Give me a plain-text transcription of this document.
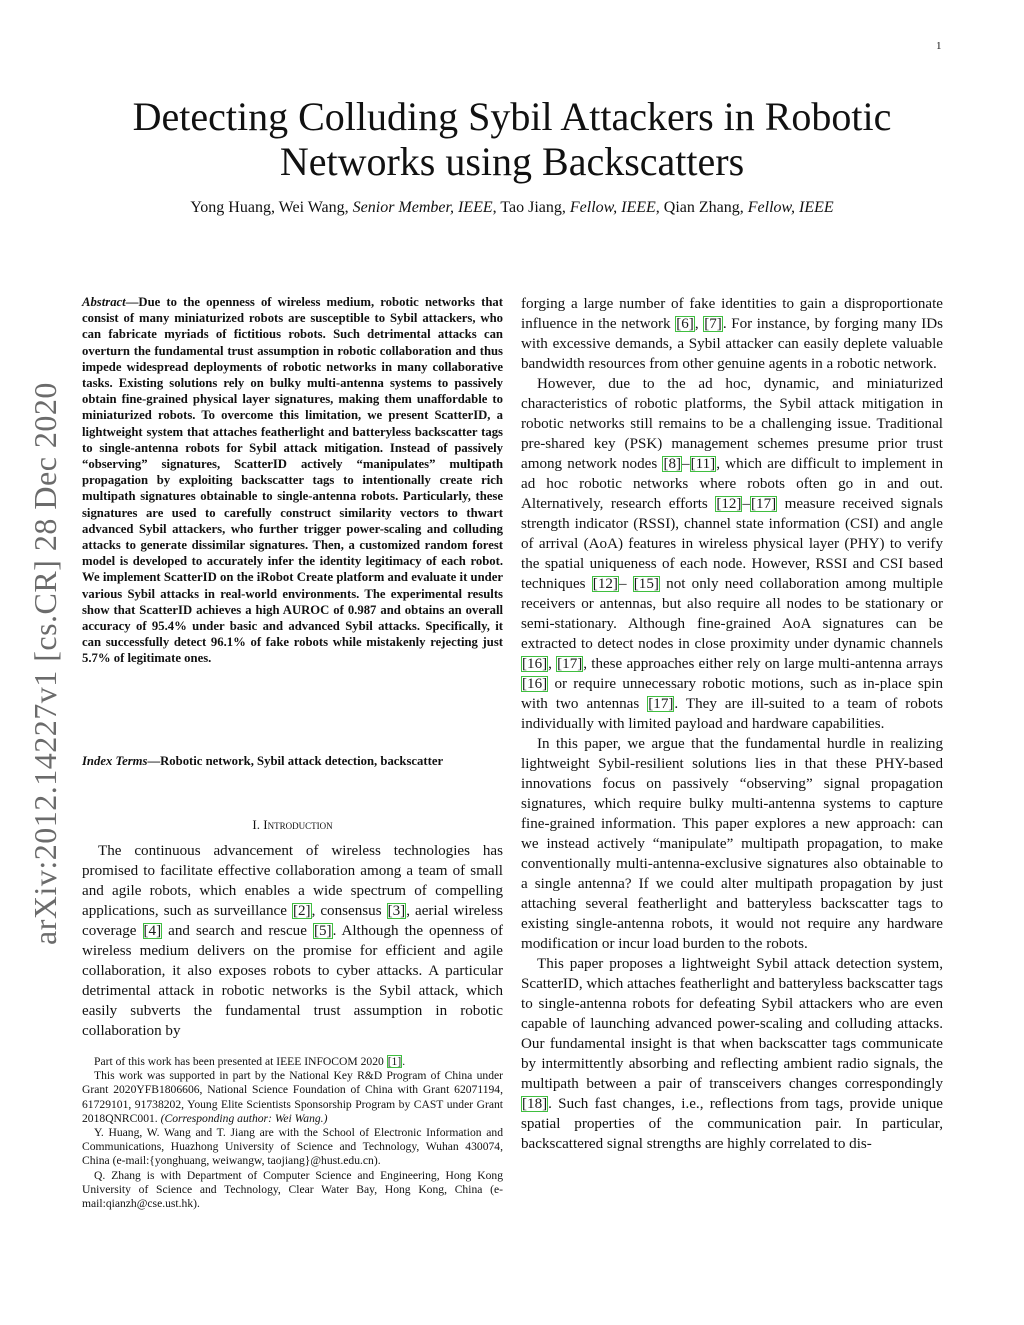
1
arXiv:2012.14227v1 [cs.CR] 28 Dec 2020
Detecting Colluding Sybil Attackers in Robotic
Networks using Backscatters
Yong Huang, Wei Wang, Senior Member, IEEE, Tao Jiang, Fellow, IEEE, Qian Zhang, Fellow, IEEE
Abstract—Due to the openness of wireless medium, robotic networks that consist of many miniaturized robots are susceptible to Sybil attackers, who can fabricate myriads of fictitious robots. Such detrimental attacks can overturn the fundamental trust assumption in robotic collaboration and thus impede widespread deployments of robotic networks in many collaborative tasks. Existing solutions rely on bulky multi-antenna systems to passively obtain fine-grained physical layer signatures, making them unaffordable to miniaturized robots. To overcome this limitation, we present ScatterID, a lightweight system that attaches featherlight and batteryless backscatter tags to single-antenna robots for Sybil attack mitigation. Instead of passively “observing” signatures, ScatterID actively “manipulates” multipath propagation by exploiting backscatter tags to intentionally create rich multipath signatures obtainable to single-antenna robots. Particularly, these signatures are used to carefully construct similarity vectors to thwart advanced Sybil attackers, who further trigger power-scaling and colluding attacks to generate dissimilar signatures. Then, a customized random forest model is developed to accurately infer the identity legitimacy of each robot. We implement ScatterID on the iRobot Create platform and evaluate it under various Sybil attacks in real-world environments. The experimental results show that ScatterID achieves a high AUROC of 0.987 and obtains an overall accuracy of 95.4% under basic and advanced Sybil attacks. Specifically, it can successfully detect 96.1% of fake robots while mistakenly rejecting just 5.7% of legitimate ones.
Index Terms—Robotic network, Sybil attack detection, backscatter
I. Introduction

The continuous advancement of wireless technologies has promised to facilitate effective collaboration among a team of small and agile robots, which enables a wide spectrum of compelling applications, such as surveillance [2], consensus [3], aerial wireless coverage [4] and search and rescue [5]. Although the openness of wireless medium delivers on the promise for efficient and agile collaboration, it also exposes robots to cyber attacks. A particular detrimental attack in robotic networks is the Sybil attack, which easily subverts the fundamental trust assumption in robotic collaboration by

Part of this work has been presented at IEEE INFOCOM 2020 [1].

This work was supported in part by the National Key R&D Program of China under Grant 2020YFB1806606, National Science Foundation of China with Grant 62071194, 61729101, 91738202, Young Elite Scientists Sponsorship Program by CAST under Grant 2018QNRC001. (Corresponding author: Wei Wang.)

Y. Huang, W. Wang and T. Jiang are with the School of Electronic Information and Communications, Huazhong University of Science and Technology, Wuhan 430074, China (e-mail:{yonghuang, weiwangw, taojiang}@hust.edu.cn).

Q. Zhang is with Department of Computer Science and Engineering, Hong Kong University of Science and Technology, Clear Water Bay, Hong Kong, China (e-mail:qianzh@cse.ust.hk).

forging a large number of fake identities to gain a disproportionate influence in the network [6], [7]. For instance, by forging many IDs with excessive demands, a Sybil attacker can easily deplete valuable bandwidth resources from other genuine agents in a robotic network.

However, due to the ad hoc, dynamic, and miniaturized characteristics of robotic platforms, the Sybil attack mitigation in robotic networks still remains to be a challenging issue. Traditional pre-shared key (PSK) management schemes presume prior trust among network nodes [8]–[11], which are difficult to implement in ad hoc robotic networks where robots often go in and out. Alternatively, research efforts [12]–[17] measure received signals strength indicator (RSSI), channel state information (CSI) and angle of arrival (AoA) features in wireless physical layer (PHY) to verify the spatial uniqueness of each node. However, RSSI and CSI based techniques [12]– [15] not only need collaboration among multiple receivers or antennas, but also require all nodes to be stationary or semi-stationary. Although fine-grained AoA signatures can be extracted to detect nodes in close proximity under dynamic channels [16], [17], these approaches either rely on large multi-antenna arrays [16] or require unnecessary robotic motions, such as in-place spin with two antennas [17]. They are ill-suited to a team of robots individually with limited payload and hardware capabilities.

In this paper, we argue that the fundamental hurdle in realizing lightweight Sybil-resilient solutions lies in that these PHY-based innovations focus on passively “observing” signal propagation signatures, which require bulky multi-antenna systems to capture fine-grained information. This paper explores a new approach: can we instead actively “manipulate” multipath propagation, to make conventionally multi-antenna-exclusive signatures also obtainable to a single antenna? If we could alter multipath propagation by just attaching several featherlight and batteryless backscatter tags to existing single-antenna robots, it would not require any hardware modification or incur load burden to the robots.

This paper proposes a lightweight Sybil attack detection system, ScatterID, which attaches featherlight and batteryless backscatter tags to single-antenna robots for defeating Sybil attackers who are even capable of launching advanced power-scaling and colluding attacks. Our fundamental insight is that when backscatter tags communicate by intermittently absorbing and reflecting ambient radio signals, the multipath between a pair of transceivers changes correspondingly [18]. Such fast changes, i.e., reflections from tags, provide unique spatial properties of the communication pair. In particular, backscattered signal strengths are highly correlated to dis-
